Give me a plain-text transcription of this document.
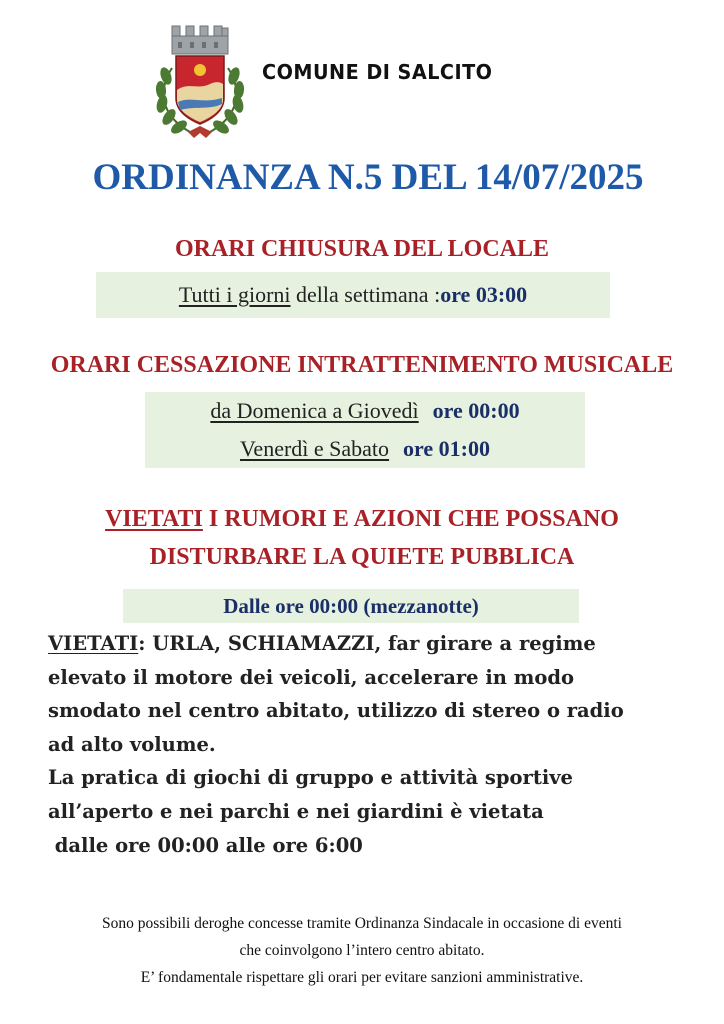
COMUNE DI SALCITO
ORDINANZA N.5 DEL 14/07/2025
ORARI CHIUSURA DEL LOCALE
Tutti i giorni della settimana : ore 03:00
ORARI CESSAZIONE INTRATTENIMENTO MUSICALE
da Domenica a Giovedì ore 00:00
Venerdì e Sabato ore 01:00
VIETATI I RUMORI E AZIONI CHE POSSANO
DISTURBARE LA QUIETE PUBBLICA
Dalle ore 00:00 (mezzanotte)
VIETATI: URLA, SCHIAMAZZI, far girare a regime
elevato il motore dei veicoli, accelerare in modo
smodato nel centro abitato, utilizzo di stereo o radio
ad alto volume.
La pratica di giochi di gruppo e attività sportive
all’aperto e nei parchi e nei giardini è vietata
dalle ore 00:00 alle ore 6:00
Sono possibili deroghe concesse tramite Ordinanza Sindacale in occasione di eventi
che coinvolgono l’intero centro abitato.
E’ fondamentale rispettare gli orari per evitare sanzioni amministrative.
